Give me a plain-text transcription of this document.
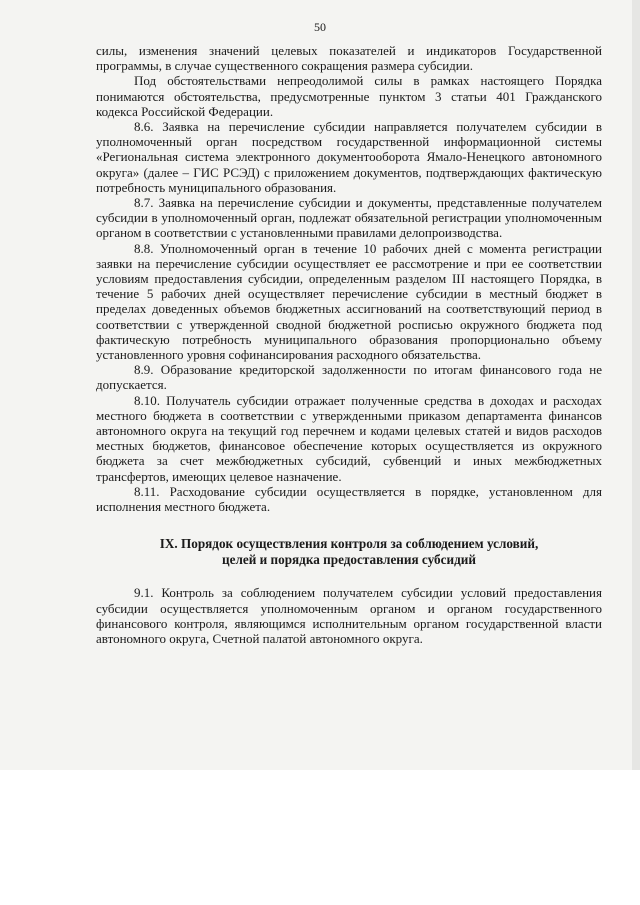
50

силы, изменения значений целевых показателей и индикаторов Государственной программы, в случае существенного сокращения размера субсидии.

Под обстоятельствами непреодолимой силы в рамках настоящего Порядка понимаются обстоятельства, предусмотренные пунктом 3 статьи 401 Гражданского кодекса Российской Федерации.

8.6. Заявка на перечисление субсидии направляется получателем субсидии в уполномоченный орган посредством государственной информационной системы «Региональная система электронного документооборота Ямало-Ненецкого автономного округа» (далее – ГИС РСЭД) с приложением документов, подтверждающих фактическую потребность муниципального образования.

8.7. Заявка на перечисление субсидии и документы, представленные получателем субсидии в уполномоченный орган, подлежат обязательной регистрации уполномоченным органом в соответствии с установленными правилами делопроизводства.

8.8. Уполномоченный орган в течение 10 рабочих дней с момента регистрации заявки на перечисление субсидии осуществляет ее рассмотрение и при ее соответствии условиям предоставления субсидии, определенным разделом III настоящего Порядка, в течение 5 рабочих дней осуществляет перечисление субсидии в местный бюджет в пределах доведенных объемов бюджетных ассигнований на соответствующий период в соответствии с утвержденной сводной бюджетной росписью окружного бюджета под фактическую потребность муниципального образования пропорционально объему установленного уровня софинансирования расходного обязательства.

8.9. Образование кредиторской задолженности по итогам финансового года не допускается.

8.10. Получатель субсидии отражает полученные средства в доходах и расходах местного бюджета в соответствии с утвержденными приказом департамента финансов автономного округа на текущий год перечнем и кодами целевых статей и видов расходов местных бюджетов, финансовое обеспечение которых осуществляется из окружного бюджета за счет межбюджетных субсидий, субвенций и иных межбюджетных трансфертов, имеющих целевое назначение.

8.11. Расходование субсидии осуществляется в порядке, установленном для исполнения местного бюджета.

IX. Порядок осуществления контроля за соблюдением условий,
целей и порядка предоставления субсидий

9.1. Контроль за соблюдением получателем субсидии условий предоставления субсидии осуществляется уполномоченным органом и органом государственного финансового контроля, являющимся исполнительным органом государственной власти автономного округа, Счетной палатой автономного округа.
